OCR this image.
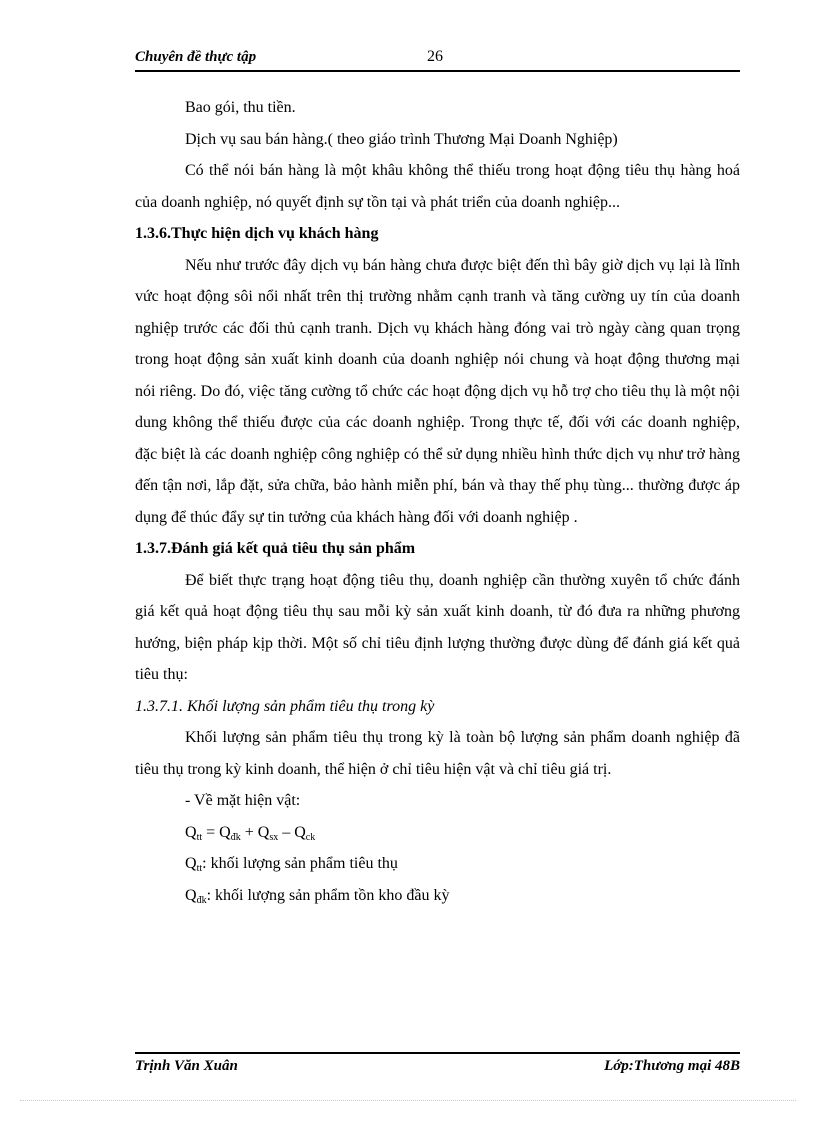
Chuyên đề thực tập	26

Bao gói, thu tiền.

Dịch vụ sau bán hàng.( theo giáo trình Thương Mại Doanh Nghiệp)

Có thể nói bán hàng là một khâu không thể thiếu trong hoạt động tiêu thụ hàng hoá của doanh nghiệp, nó quyết định sự tồn tại và phát triển của doanh nghiệp...

1.3.6.Thực hiện dịch vụ khách hàng

Nếu như trước đây dịch vụ bán hàng chưa được biệt đến thì bây giờ dịch vụ lại là lĩnh vức hoạt động sôi nổi nhất trên thị trường nhằm cạnh tranh và tăng cường uy tín của doanh nghiệp trước các đối thủ cạnh tranh. Dịch vụ khách hàng đóng vai trò ngày càng quan trọng trong hoạt động sản xuất kinh doanh của doanh nghiệp nói chung và hoạt động thương mại nói riêng. Do đó, việc tăng cường tổ chức các hoạt động dịch vụ hỗ trợ cho tiêu thụ là một nội dung không thể thiếu được của các doanh nghiệp. Trong thực tế, đối với các doanh nghiệp, đặc biệt là các doanh nghiệp công nghiệp có thể sử dụng nhiều hình thức dịch vụ như trở hàng đến tận nơi, lắp đặt, sửa chữa, bảo hành miễn phí, bán và thay thế phụ tùng... thường được áp dụng để thúc đẩy sự tin tưởng của khách hàng đối với doanh nghiệp .

1.3.7.Đánh giá kết quả tiêu thụ sản phẩm

Để biết thực trạng hoạt động tiêu thụ, doanh nghiệp cần thường xuyên tổ chức đánh giá kết quả hoạt động tiêu thụ sau mỗi kỳ sản xuất kinh doanh, từ đó đưa ra những phương hướng, biện pháp kịp thời. Một số chỉ tiêu định lượng thường được dùng để đánh giá kết quả tiêu thụ:

1.3.7.1. Khối lượng sản phẩm tiêu thụ trong kỳ

Khối lượng sản phẩm tiêu thụ trong kỳ là toàn bộ lượng sản phẩm doanh nghiệp đã tiêu thụ trong kỳ kinh doanh, thể hiện ở chỉ tiêu hiện vật và chỉ tiêu giá trị.

- Về mặt hiện vật:

$Q_{tt} = Q_{đk} + Q_{sx} - Q_{ck}$

$Q_{tt}$: khối lượng sản phẩm tiêu thụ

$Q_{đk}$: khối lượng sản phẩm tồn kho đầu kỳ

Trịnh Văn Xuân	Lớp:Thương mại 48B
